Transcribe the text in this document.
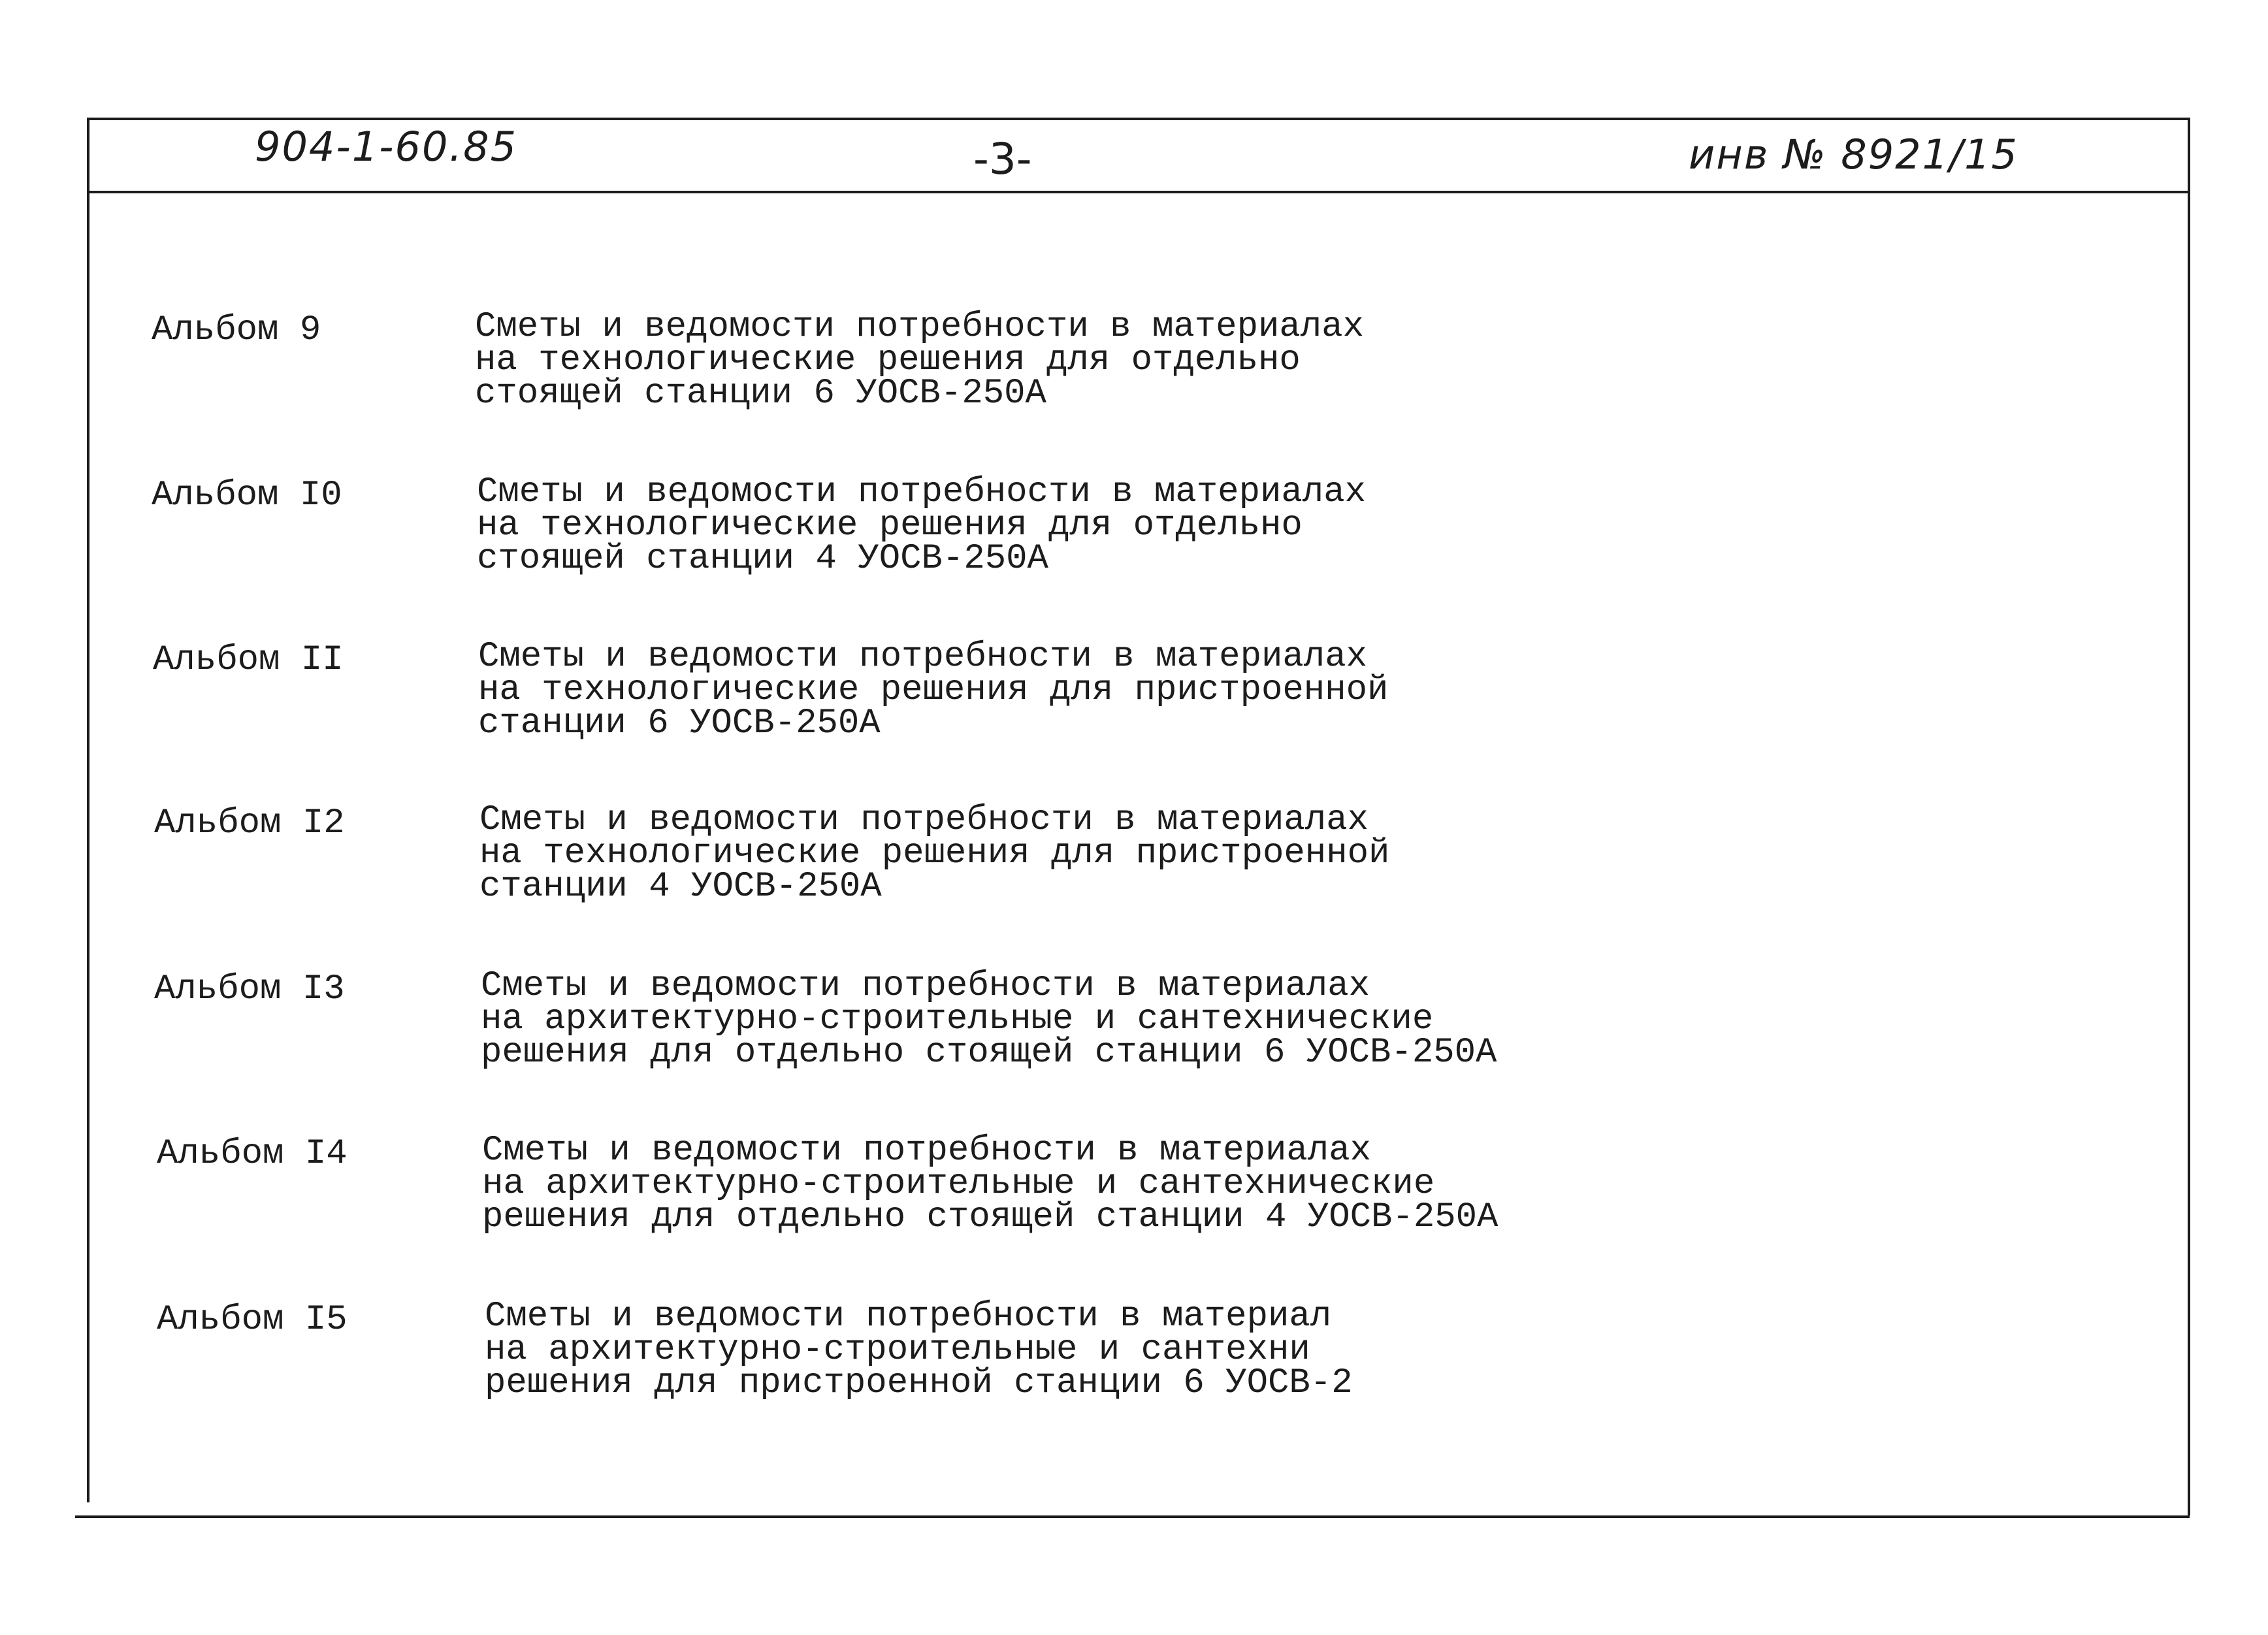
904-1-60.85	-3-	инв № 8921/15
Альбом 9	Сметы и ведомости потребности в материалах
на технологические решения для отдельно
стоящей станции 6 УОСВ-250А
Альбом I0	Сметы и ведомости потребности в материалах
на технологические решения для отдельно
стоящей станции 4 УОСВ-250А
Альбом II	Сметы и ведомости потребности в материалах
на технологические решения для пристроенной
станции 6 УОСВ-250А
Альбом I2	Сметы и ведомости потребности в материалах
на технологические решения для пристроенной
станции 4 УОСВ-250А
Альбом I3	Сметы и ведомости потребности в материалах
на архитектурно-строительные и сантехнические
решения для отдельно стоящей станции 6 УОСВ-250А
Альбом I4	Сметы и ведомости потребности в материалах
на архитектурно-строительные и сантехнические
решения для отдельно стоящей станции 4 УОСВ-250А
Альбом I5	Сметы и ведомости потребности в материал
на архитектурно-строительные и сантехни
решения для пристроенной станции 6 УОСВ-2
